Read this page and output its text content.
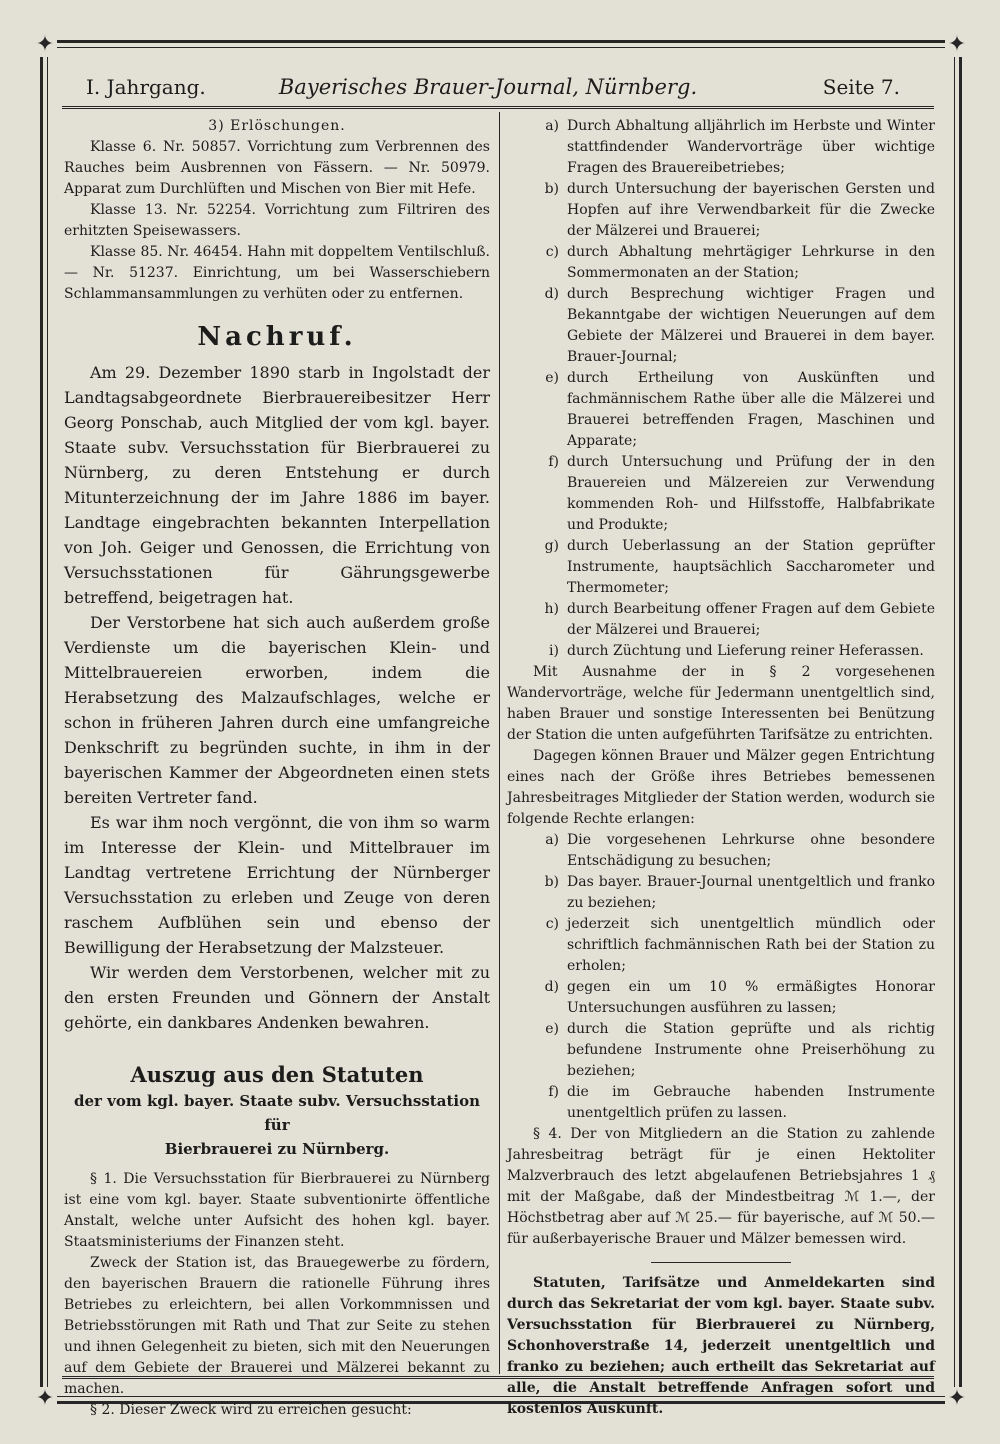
✦	✦
✦	✦
I. Jahrgang.	Bayerisches Brauer-Journal, Nürnberg.	Seite 7.

3) Erlöschungen.

Klasse 6. Nr. 50857. Vorrichtung zum Verbrennen des Rauches beim Ausbrennen von Fässern. — Nr. 50979. Apparat zum Durchlüften und Mischen von Bier mit Hefe.

Klasse 13. Nr. 52254. Vorrichtung zum Filtriren des erhitzten Speisewassers.

Klasse 85. Nr. 46454. Hahn mit doppeltem Ventilschluß. — Nr. 51237. Einrichtung, um bei Wasserschiebern Schlammansammlungen zu verhüten oder zu entfernen.

Nachruf.

Am 29. Dezember 1890 starb in Ingolstadt der Landtagsabgeordnete Bierbrauereibesitzer Herr Georg Ponschab, auch Mitglied der vom kgl. bayer. Staate subv. Versuchsstation für Bierbrauerei zu Nürnberg, zu deren Entstehung er durch Mitunterzeichnung der im Jahre 1886 im bayer. Landtage eingebrachten bekannten Interpellation von Joh. Geiger und Genossen, die Errichtung von Versuchsstationen für Gährungsgewerbe betreffend, beigetragen hat.

Der Verstorbene hat sich auch außerdem große Verdienste um die bayerischen Klein- und Mittelbrauereien erworben, indem die Herabsetzung des Malzaufschlages, welche er schon in früheren Jahren durch eine umfangreiche Denkschrift zu begründen suchte, in ihm in der bayerischen Kammer der Abgeordneten einen stets bereiten Vertreter fand.

Es war ihm noch vergönnt, die von ihm so warm im Interesse der Klein- und Mittelbrauer im Landtag vertretene Errichtung der Nürnberger Versuchsstation zu erleben und Zeuge von deren raschem Aufblühen sein und ebenso der Bewilligung der Herabsetzung der Malzsteuer.

Wir werden dem Verstorbenen, welcher mit zu den ersten Freunden und Gönnern der Anstalt gehörte, ein dankbares Andenken bewahren.

Auszug aus den Statuten

der vom kgl. bayer. Staate subv. Versuchsstation für

Bierbrauerei zu Nürnberg.

§ 1. Die Versuchsstation für Bierbrauerei zu Nürnberg ist eine vom kgl. bayer. Staate subventionirte öffentliche Anstalt, welche unter Aufsicht des hohen kgl. bayer. Staatsministeriums der Finanzen steht.

Zweck der Station ist, das Brauegewerbe zu fördern, den bayerischen Brauern die rationelle Führung ihres Betriebes zu erleichtern, bei allen Vorkommnissen und Betriebsstörungen mit Rath und That zur Seite zu stehen und ihnen Gelegenheit zu bieten, sich mit den Neuerungen auf dem Gebiete der Brauerei und Mälzerei bekannt zu machen.

§ 2. Dieser Zweck wird zu erreichen gesucht:

a) Durch Abhaltung alljährlich im Herbste und Winter stattfindender Wandervorträge über wichtige Fragen des Brauereibetriebes;
b) durch Untersuchung der bayerischen Gersten und Hopfen auf ihre Verwendbarkeit für die Zwecke der Mälzerei und Brauerei;
c) durch Abhaltung mehrtägiger Lehrkurse in den Sommermonaten an der Station;
d) durch Besprechung wichtiger Fragen und Bekanntgabe der wichtigen Neuerungen auf dem Gebiete der Mälzerei und Brauerei in dem bayer. Brauer-Journal;
e) durch Ertheilung von Auskünften und fachmännischem Rathe über alle die Mälzerei und Brauerei betreffenden Fragen, Maschinen und Apparate;
f) durch Untersuchung und Prüfung der in den Brauereien und Mälzereien zur Verwendung kommenden Roh- und Hilfsstoffe, Halbfabrikate und Produkte;
g) durch Ueberlassung an der Station geprüfter Instrumente, hauptsächlich Saccharometer und Thermometer;
h) durch Bearbeitung offener Fragen auf dem Gebiete der Mälzerei und Brauerei;
i) durch Züchtung und Lieferung reiner Heferassen.

Mit Ausnahme der in § 2 vorgesehenen Wandervorträge, welche für Jedermann unentgeltlich sind, haben Brauer und sonstige Interessenten bei Benützung der Station die unten aufgeführten Tarifsätze zu entrichten.

Dagegen können Brauer und Mälzer gegen Entrichtung eines nach der Größe ihres Betriebes bemessenen Jahresbeitrages Mitglieder der Station werden, wodurch sie folgende Rechte erlangen:

a) Die vorgesehenen Lehrkurse ohne besondere Entschädigung zu besuchen;
b) Das bayer. Brauer-Journal unentgeltlich und franko zu beziehen;
c) jederzeit sich unentgeltlich mündlich oder schriftlich fachmännischen Rath bei der Station zu erholen;
d) gegen ein um 10 % ermäßigtes Honorar Untersuchungen ausführen zu lassen;
e) durch die Station geprüfte und als richtig befundene Instrumente ohne Preiserhöhung zu beziehen;
f) die im Gebrauche habenden Instrumente unentgeltlich prüfen zu lassen.

§ 4. Der von Mitgliedern an die Station zu zahlende Jahresbeitrag beträgt für je einen Hektoliter Malzverbrauch des letzt abgelaufenen Betriebsjahres 1 ₰ mit der Maßgabe, daß der Mindestbeitrag ℳ 1.—, der Höchstbetrag aber auf ℳ 25.— für bayerische, auf ℳ 50.— für außerbayerische Brauer und Mälzer bemessen wird.

Statuten, Tarifsätze und Anmeldekarten sind durch das Sekretariat der vom kgl. bayer. Staate subv. Versuchsstation für Bierbrauerei zu Nürnberg, Schonhoverstraße 14, jederzeit unentgeltlich und franko zu beziehen; auch ertheilt das Sekretariat auf alle, die Anstalt betreffende Anfragen sofort und kostenlos Auskunft.
